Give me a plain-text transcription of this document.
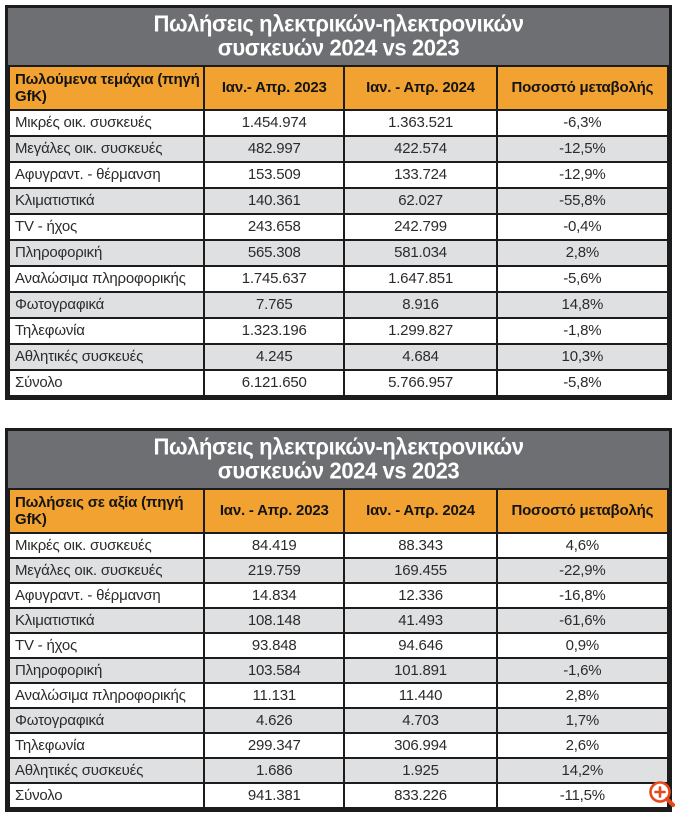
Πωλήσεις ηλεκτρικών-ηλεκτρονικών
συσκευών 2024 vs 2023
Πωλούμενα τεμάχια (πηγή GfK)	Ιαν.- Απρ. 2023	Ιαν. - Απρ. 2024	Ποσοστό μεταβολής
Μικρές οικ. συσκευές	1.454.974	1.363.521	-6,3%
Μεγάλες οικ. συσκευές	482.997	422.574	-12,5%
Αφυγραντ. - θέρμανση	153.509	133.724	-12,9%
Κλιματιστικά	140.361	62.027	-55,8%
TV - ήχος	243.658	242.799	-0,4%
Πληροφορική	565.308	581.034	2,8%
Αναλώσιμα πληροφορικής	1.745.637	1.647.851	-5,6%
Φωτογραφικά	7.765	8.916	14,8%
Τηλεφωνία	1.323.196	1.299.827	-1,8%
Αθλητικές συσκευές	4.245	4.684	10,3%
Σύνολο	6.121.650	5.766.957	-5,8%
Πωλήσεις ηλεκτρικών-ηλεκτρονικών
συσκευών 2024 vs 2023
Πωλήσεις σε αξία (πηγή GfK)	Ιαν. - Απρ. 2023	Ιαν. - Απρ. 2024	Ποσοστό μεταβολής
Μικρές οικ. συσκευές	84.419	88.343	4,6%
Μεγάλες οικ. συσκευές	219.759	169.455	-22,9%
Αφυγραντ. - θέρμανση	14.834	12.336	-16,8%
Κλιματιστικά	108.148	41.493	-61,6%
TV - ήχος	93.848	94.646	0,9%
Πληροφορική	103.584	101.891	-1,6%
Αναλώσιμα πληροφορικής	11.131	11.440	2,8%
Φωτογραφικά	4.626	4.703	1,7%
Τηλεφωνία	299.347	306.994	2,6%
Αθλητικές συσκευές	1.686	1.925	14,2%
Σύνολο	941.381	833.226	-11,5%
